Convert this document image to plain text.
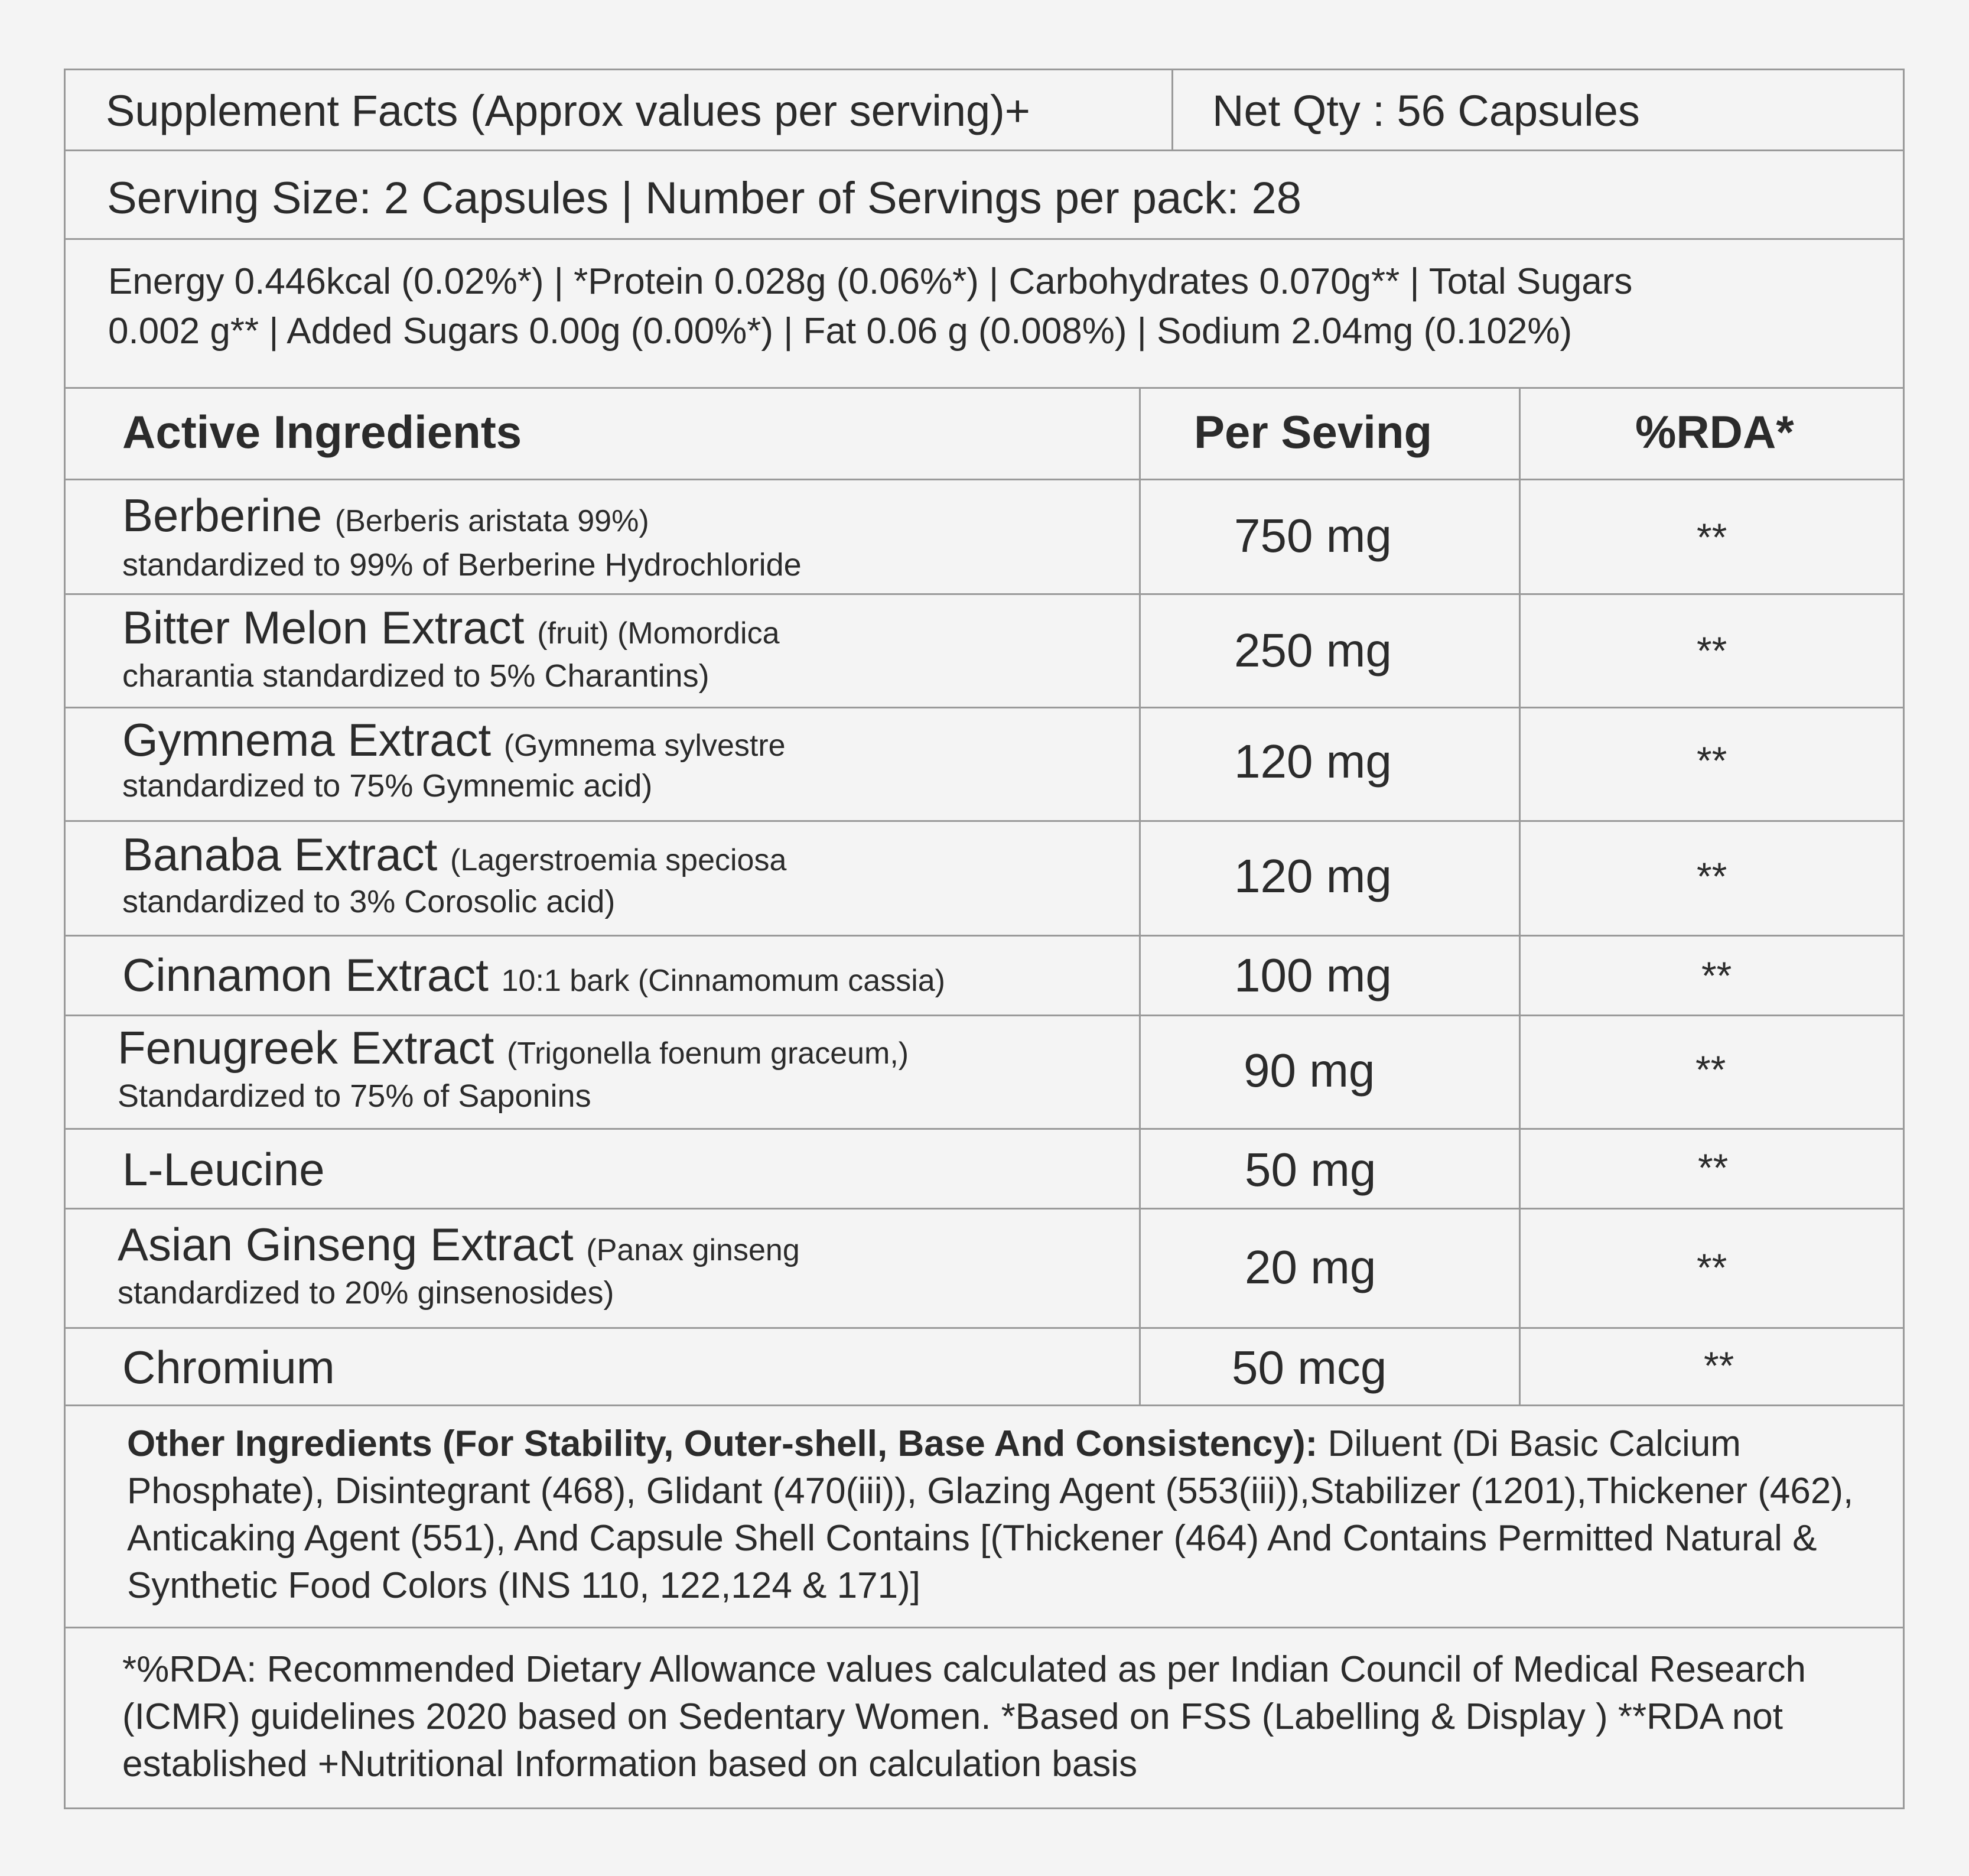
Supplement Facts (Approx values per serving)+	Net Qty : 56 Capsules
Serving Size: 2 Capsules | Number of Servings per pack: 28
Energy 0.446kcal (0.02%*) | *Protein 0.028g (0.06%*) | Carbohydrates 0.070g** | Total Sugars
0.002 g** | Added Sugars 0.00g (0.00%*) | Fat 0.06 g (0.008%) | Sodium 2.04mg (0.102%)
Active Ingredients	Per Seving	%RDA*
Berberine (Berberis aristata 99%)
standardized to 99% of Berberine Hydrochloride
750 mg	**
Bitter Melon Extract (fruit) (Momordica
charantia standardized to 5% Charantins)	250 mg	**
Gymnema Extract (Gymnema sylvestre
standardized to 75% Gymnemic acid)	120 mg	**
Banaba Extract (Lagerstroemia speciosa
standardized to 3% Corosolic acid)	120 mg	**
Cinnamon Extract 10:1 bark (Cinnamomum cassia)	100 mg	**
Fenugreek Extract (Trigonella foenum graceum,)
Standardized to 75% of Saponins	90 mg	**
L-Leucine	50 mg	**
Asian Ginseng Extract (Panax ginseng
standardized to 20% ginsenosides)	20 mg	**
Chromium	50 mcg	**
Other Ingredients (For Stability, Outer-shell, Base And Consistency): Diluent (Di Basic Calcium Phosphate), Disintegrant (468), Glidant (470(iii)), Glazing Agent (553(iii)),Stabilizer (1201),Thickener (462), Anticaking Agent (551), And Capsule Shell Contains [(Thickener (464) And Contains Permitted Natural & Synthetic Food Colors (INS 110, 122,124 & 171)]
*%RDA: Recommended Dietary Allowance values calculated as per Indian Council of Medical Research (ICMR) guidelines 2020 based on Sedentary Women. *Based on FSS (Labelling & Display ) **RDA not established +Nutritional Information based on calculation basis
